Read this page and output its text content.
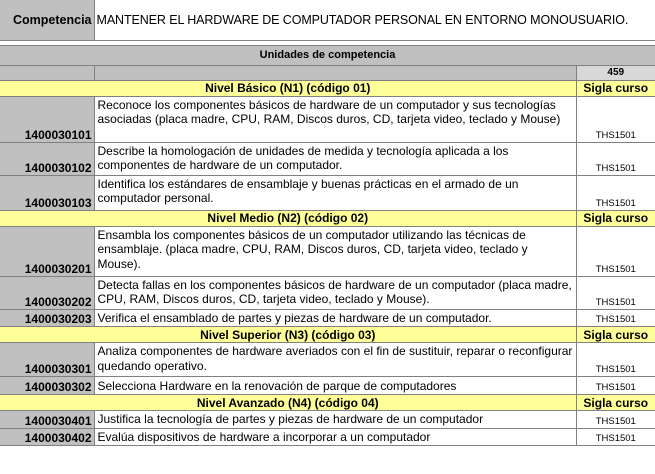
Competencia	MANTENER EL HARDWARE DE COMPUTADOR PERSONAL EN ENTORNO MONOUSUARIO.	

Unidades de competencia		
		459
Nivel Básico (N1) (código 01)		Sigla curso
1400030101	Reconoce los componentes básicos de hardware de un computador y sus tecnologías asociadas (placa madre, CPU, RAM, Discos duros, CD, tarjeta video, teclado y Mouse)	THS1501
1400030102	Describe la homologación de unidades de medida y tecnología aplicada a los componentes de hardware de un computador.	THS1501
1400030103	Identifica los estándares de ensamblaje y buenas prácticas en el armado de un computador personal.	THS1501
Nivel Medio (N2) (código 02)		Sigla curso
1400030201	Ensambla los componentes básicos de un computador utilizando las técnicas de ensamblaje. (placa madre, CPU, RAM, Discos duros, CD, tarjeta video, teclado y Mouse).	THS1501
1400030202	Detecta fallas en los componentes básicos de hardware de un computador (placa madre, CPU, RAM, Discos duros, CD, tarjeta video, teclado y Mouse).	THS1501
1400030203	Verifica el ensamblado de partes y piezas de hardware de un computador.	THS1501
Nivel Superior (N3) (código 03)		Sigla curso
1400030301	Analiza componentes de hardware averiados con el fin de sustituir, reparar o reconfigurar quedando operativo.	THS1501
1400030302	Selecciona Hardware en la renovación de parque de computadores	THS1501
Nivel Avanzado (N4) (código 04)		Sigla curso
1400030401	Justifica la tecnología de partes y piezas de hardware de un computador	THS1501
1400030402	Evalúa dispositivos de hardware a incorporar a un computador	THS1501
